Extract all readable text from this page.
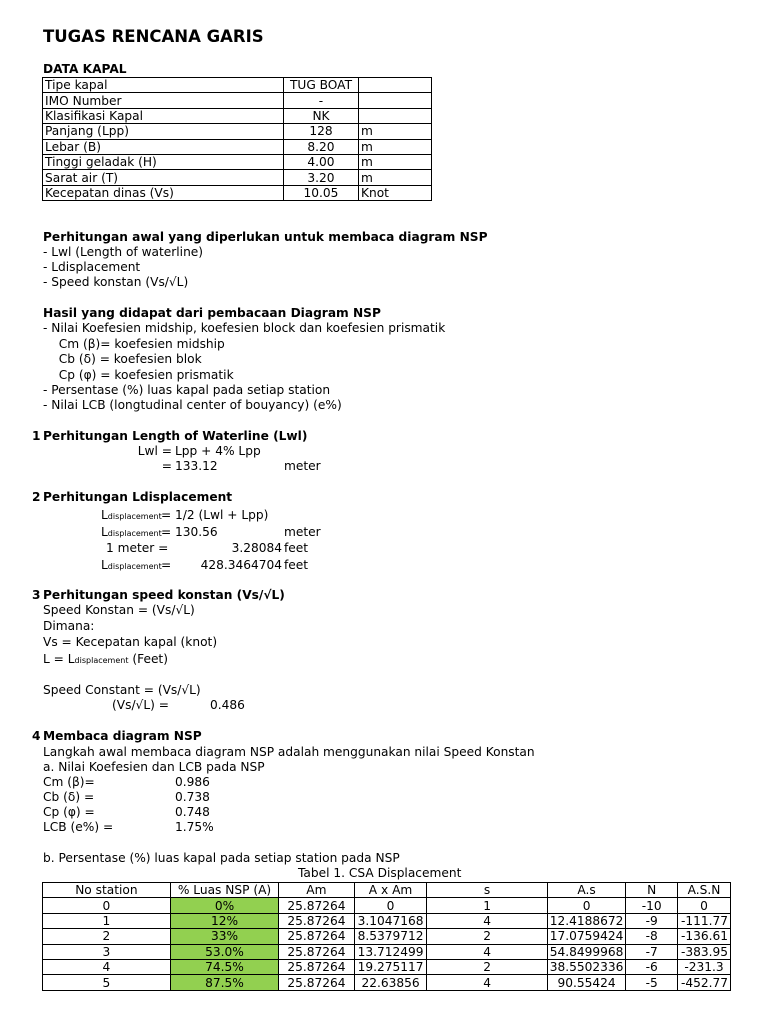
TUGAS RENCANA GARIS
DATA KAPAL
Tipe kapal	TUG BOAT	
IMO Number	-	
Klasifikasi Kapal	NK	
Panjang (Lpp)	128	m
Lebar (B)	8.20	m
Tinggi geladak (H)	4.00	m
Sarat air (T)	3.20	m
Kecepatan dinas (Vs)	10.05	Knot
Perhitungan awal yang diperlukan untuk membaca diagram NSP
- Lwl (Length of waterline)
- Ldisplacement
- Speed konstan (Vs/√L)
Hasil yang didapat dari pembacaan Diagram NSP
- Nilai Koefesien midship, koefesien block dan koefesien prismatik
Cm (β)= koefesien midship
Cb (δ) = koefesien blok
Cp (φ) = koefesien prismatik
- Persentase (%) luas kapal pada setiap station
- Nilai LCB (longtudinal center of bouyancy) (e%)
1 Perhitungan Length of Waterline (Lwl)
Lwl = Lpp + 4% Lpp
= 133.12	meter
2 Perhitungan Ldisplacement
Ldisplacement = 1/2 (Lwl + Lpp)
Ldisplacement = 130.56	meter
1 meter =	3.28084 feet
Ldisplacement =	428.3464704 feet
3 Perhitungan speed konstan (Vs/√L)
Speed Konstan = (Vs/√L)
Dimana:
Vs = Kecepatan kapal (knot)
L = Ldisplacement (Feet)
Speed Constant = (Vs/√L)
(Vs/√L) =	0.486
4 Membaca diagram NSP
Langkah awal membaca diagram NSP adalah menggunakan nilai Speed Konstan
a. Nilai Koefesien dan LCB pada NSP
Cm (β)=	0.986
Cb (δ) =	0.738
Cp (φ) =	0.748
LCB (e%) =	1.75%
b. Persentase (%) luas kapal pada setiap station pada NSP
Tabel 1. CSA Displacement
No station	% Luas NSP (A)	Am	A x Am	s	A.s	N	A.S.N
0	0%	25.87264	0	1	0	-10	0
1	12%	25.87264	3.1047168	4	12.4188672	-9	-111.77
2	33%	25.87264	8.5379712	2	17.0759424	-8	-136.61
3	53.0%	25.87264	13.712499	4	54.8499968	-7	-383.95
4	74.5%	25.87264	19.275117	2	38.5502336	-6	-231.3
5	87.5%	25.87264	22.63856	4	90.55424	-5	-452.77
